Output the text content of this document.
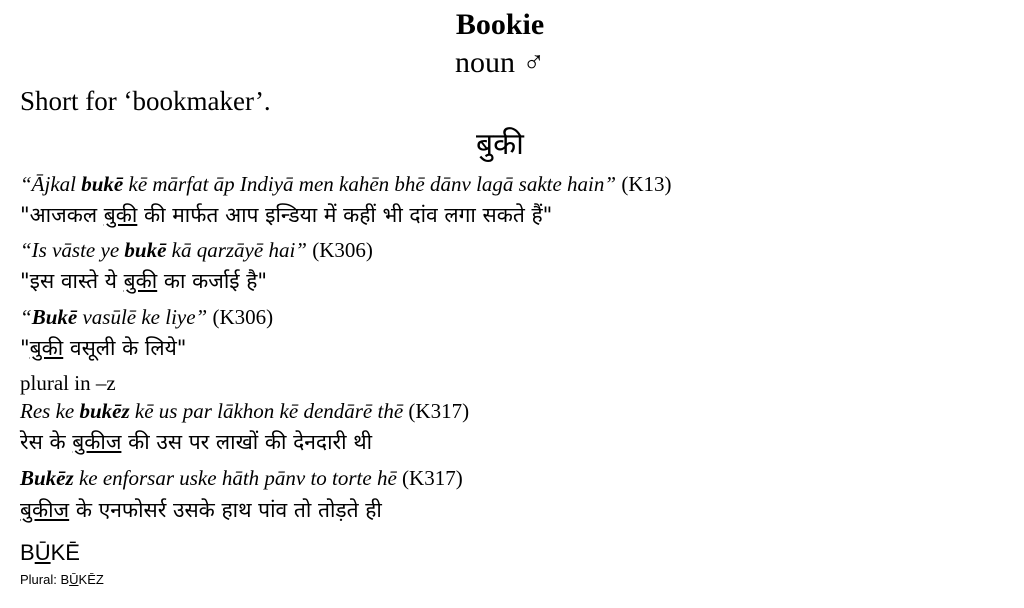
Bookie
noun ♂
Short for ‘bookmaker’.
बुकी
“Ājkal bukē kē mārfat āp Indiyā men kahēn bhē dānv lagā sakte hain” (K13)
"आजकल बुकी की मार्फत आप इन्डिया में कहीं भी दांव लगा सकते हैं"
“Is vāste ye bukē kā qarzāyē hai” (K306)
"इस वास्ते ये बुकी का कर्जाई है"
“Bukē vasūlē ke liye” (K306)
"बुकी वसूली के लिये"
plural in –z
Res ke bukēz kē us par lākhon kē dendārē thē (K317)
रेस के बुकीज की उस पर लाखों की देनदारी थी
Bukēz ke enforsar uske hāth pānv to torte hē (K317)
बुकीज के एनफोसर्र उसके हाथ पांव तो तोड़ते ही
BŪKĒ
Plural: BŪKĒZ
